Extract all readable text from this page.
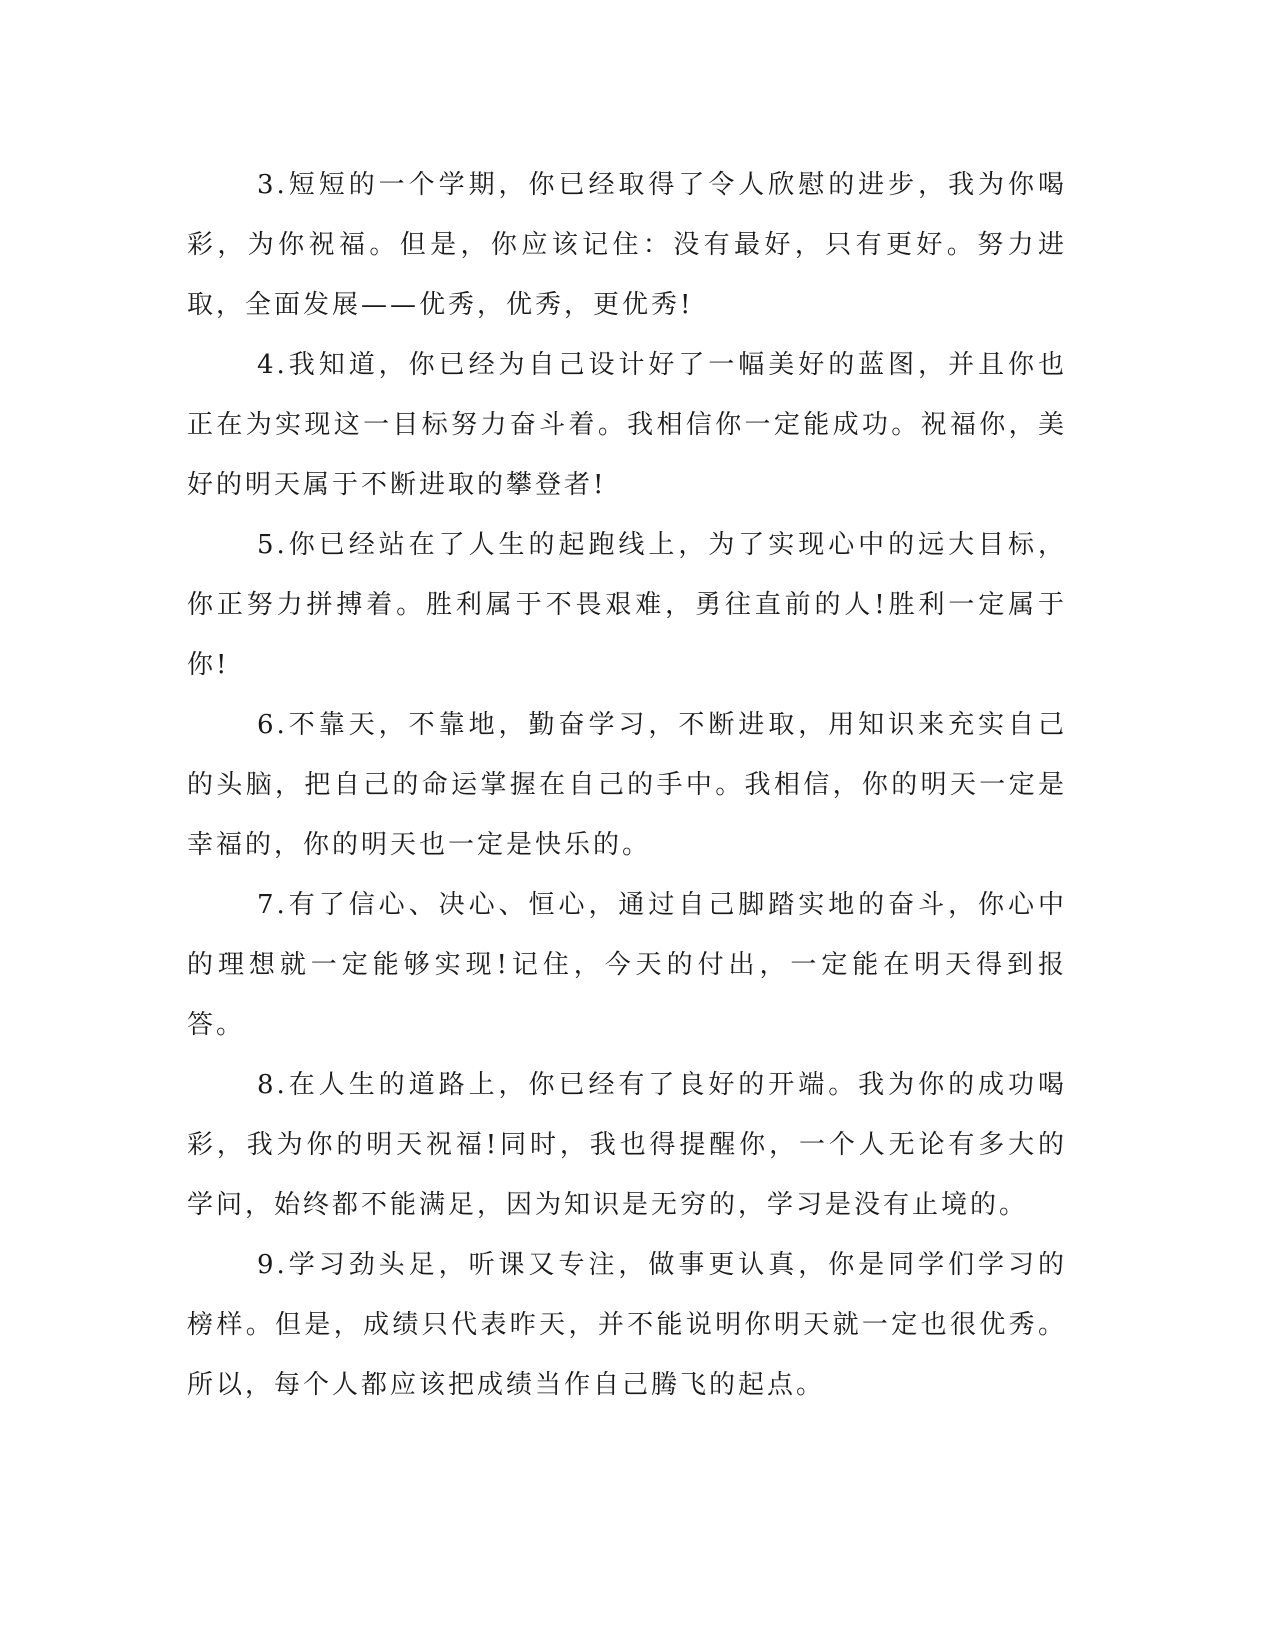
3.短短的一个学期，你已经取得了令人欣慰的进步，我为你喝彩，为你祝福。但是，你应该记住：没有最好，只有更好。努力进取，全面发展——优秀，优秀，更优秀!

4.我知道，你已经为自己设计好了一幅美好的蓝图，并且你也正在为实现这一目标努力奋斗着。我相信你一定能成功。祝福你，美好的明天属于不断进取的攀登者!

5.你已经站在了人生的起跑线上，为了实现心中的远大目标，你正努力拼搏着。胜利属于不畏艰难，勇往直前的人!胜利一定属于你!

6.不靠天，不靠地，勤奋学习，不断进取，用知识来充实自己的头脑，把自己的命运掌握在自己的手中。我相信，你的明天一定是幸福的，你的明天也一定是快乐的。

7.有了信心、决心、恒心，通过自己脚踏实地的奋斗，你心中的理想就一定能够实现!记住，今天的付出，一定能在明天得到报答。

8.在人生的道路上，你已经有了良好的开端。我为你的成功喝彩，我为你的明天祝福!同时，我也得提醒你，一个人无论有多大的学问，始终都不能满足，因为知识是无穷的，学习是没有止境的。

9.学习劲头足，听课又专注，做事更认真，你是同学们学习的榜样。但是，成绩只代表昨天，并不能说明你明天就一定也很优秀。所以，每个人都应该把成绩当作自己腾飞的起点。
